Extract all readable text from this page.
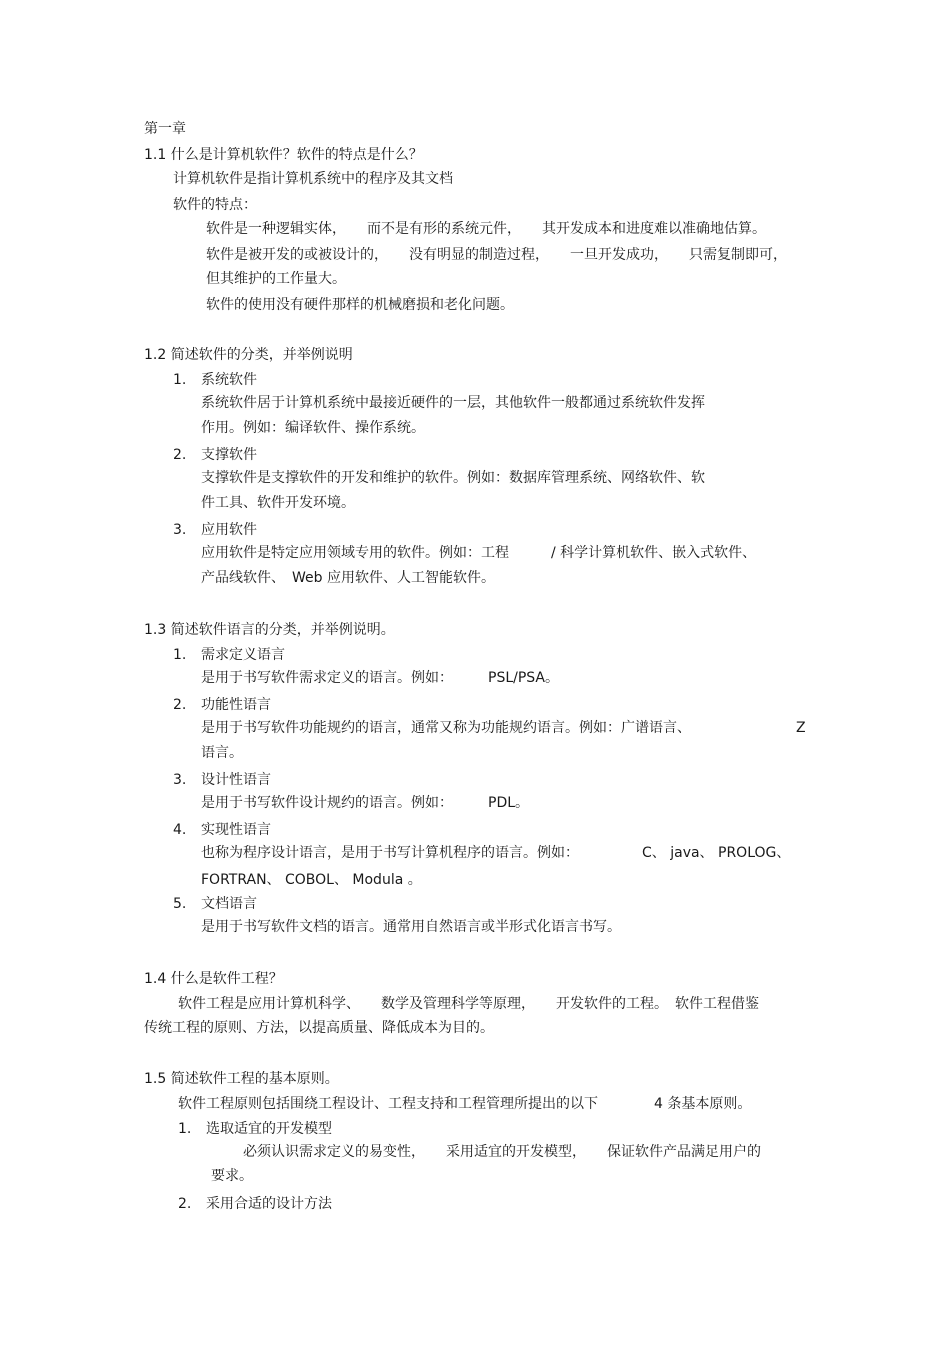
第一章
1.1 什么是计算机软件？软件的特点是什么？
计算机软件是指计算机系统中的程序及其文档
软件的特点：
软件是一种逻辑实体，　　而不是有形的系统元件，　　其开发成本和进度难以准确地估算。
软件是被开发的或被设计的，　　没有明显的制造过程，　　一旦开发成功，　　只需复制即可，
但其维护的工作量大。
软件的使用没有硬件那样的机械磨损和老化问题。
1.2 简述软件的分类，并举例说明
1. 系统软件
系统软件居于计算机系统中最接近硬件的一层，其他软件一般都通过系统软件发挥
作用。例如：编译软件、操作系统。
2. 支撑软件
支撑软件是支撑软件的开发和维护的软件。例如：数据库管理系统、网络软件、软
件工具、软件开发环境。
3. 应用软件
应用软件是特定应用领域专用的软件。例如：工程　　　/ 科学计算机软件、嵌入式软件、
产品线软件、　Web 应用软件、人工智能软件。
1.3 简述软件语言的分类，并举例说明。
1. 需求定义语言
是用于书写软件需求定义的语言。例如：　　　PSL/PSA。
2. 功能性语言
是用于书写软件功能规约的语言，通常又称为功能规约语言。例如：广谱语言、　　　　　　　　Z
语言。
3. 设计性语言
是用于书写软件设计规约的语言。例如：　　　PDL。
4. 实现性语言
也称为程序设计语言，是用于书写计算机程序的语言。例如：　　　　　C、 java、 PROLOG、
FORTRAN、 COBOL、 Modula 。
5. 文档语言
是用于书写软件文档的语言。通常用自然语言或半形式化语言书写。
1.4 什么是软件工程？
软件工程是应用计算机科学、　　数学及管理科学等原理，　　开发软件的工程。　软件工程借鉴
传统工程的原则、方法，以提高质量、降低成本为目的。
1.5 简述软件工程的基本原则。
软件工程原则包括围绕工程设计、工程支持和工程管理所提出的以下　　　　4 条基本原则。
1. 选取适宜的开发模型
必须认识需求定义的易变性，　　采用适宜的开发模型，　　保证软件产品满足用户的
要求。
2. 采用合适的设计方法
